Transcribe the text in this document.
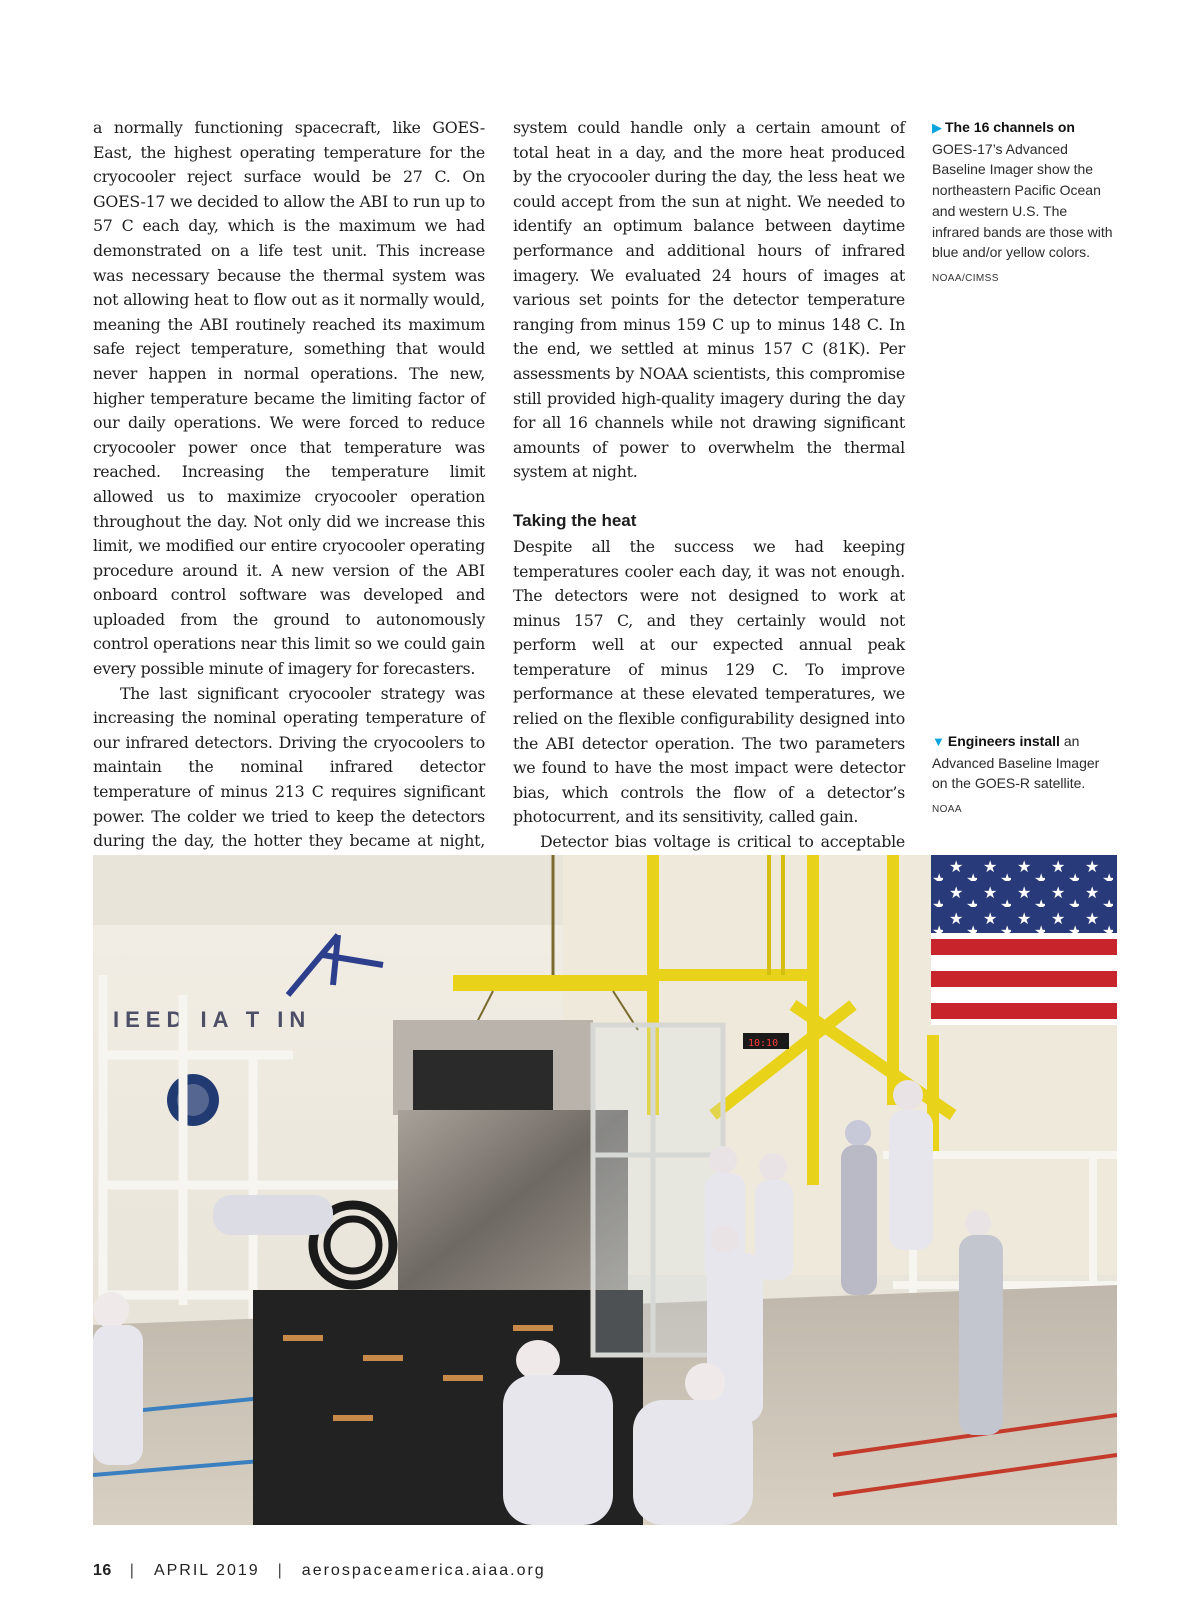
a normally functioning spacecraft, like GOES-East, the highest operating temperature for the cryocooler reject surface would be 27 C. On GOES-17 we decided to allow the ABI to run up to 57 C each day, which is the maximum we had demonstrated on a life test unit. This increase was necessary because the thermal system was not allowing heat to flow out as it normally would, meaning the ABI routinely reached its maximum safe reject temperature, something that would never happen in normal operations. The new, higher temperature became the limiting factor of our daily operations. We were forced to reduce cryocooler power once that temperature was reached. Increasing the temperature limit allowed us to maximize cryocooler operation throughout the day. Not only did we increase this limit, we modified our entire cryocooler operating procedure around it. A new version of the ABI onboard control software was developed and uploaded from the ground to autonomously control operations near this limit so we could gain every possible minute of imagery for forecasters.

The last significant cryocooler strategy was increasing the nominal operating temperature of our infrared detectors. Driving the cryocoolers to maintain the nominal infrared detector temperature of minus 213 C requires significant power. The colder we tried to keep the detectors during the day, the hotter they became at night,

system could handle only a certain amount of total heat in a day, and the more heat produced by the cryocooler during the day, the less heat we could accept from the sun at night. We needed to identify an optimum balance between daytime performance and additional hours of infrared imagery. We evaluated 24 hours of images at various set points for the detector temperature ranging from minus 159 C up to minus 148 C. In the end, we settled at minus 157 C (81K). Per assessments by NOAA scientists, this compromise still provided high-quality imagery during the day for all 16 channels while not drawing significant amounts of power to overwhelm the thermal system at night.

Taking the heat

Despite all the success we had keeping temperatures cooler each day, it was not enough. The detectors were not designed to work at minus 157 C, and they certainly would not perform well at our expected annual peak temperature of minus 129 C. To improve performance at these elevated temperatures, we relied on the flexible configurability designed into the ABI detector operation. The two parameters we found to have the most impact were detector bias, which controls the flow of a detector’s photocurrent, and its sensitivity, called gain.

Detector bias voltage is critical to acceptable

▶ The 16 channels on GOES-17’s Advanced Baseline Imager show the northeastern Pacific Ocean and western U.S. The infrared bands are those with blue and/or yellow colors.
NOAA/CIMSS
▼ Engineers install an Advanced Baseline Imager on the GOES-R satellite.
NOAA
IEED IA T IN
10:10
16 | APRIL 2019 | aerospaceamerica.aiaa.org
